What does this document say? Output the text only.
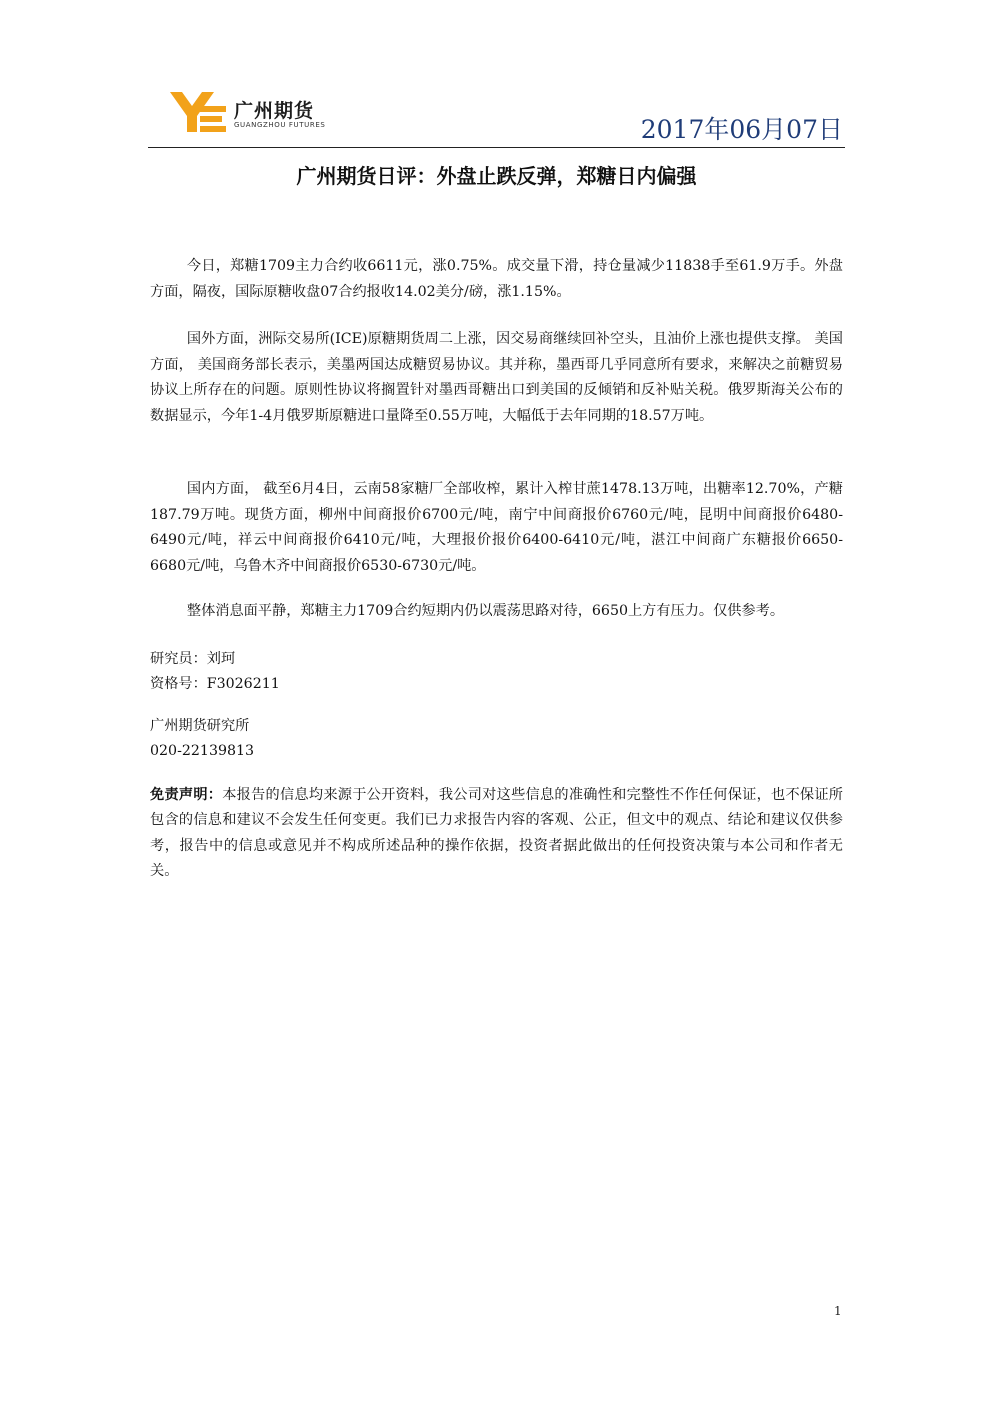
广州期货
GUANGZHOU FUTURES	2017年06月07日
广州期货日评：外盘止跌反弹，郑糖日内偏强

今日，郑糖1709主力合约收6611元，涨0.75%。成交量下滑，持仓量减少11838手至61.9万手。外盘方面，隔夜，国际原糖收盘07合约报收14.02美分/磅，涨1.15%。

国外方面，洲际交易所(ICE)原糖期货周二上涨，因交易商继续回补空头，且油价上涨也提供支撑。 美国方面， 美国商务部长表示，美墨两国达成糖贸易协议。其并称，墨西哥几乎同意所有要求，来解决之前糖贸易协议上所存在的问题。原则性协议将搁置针对墨西哥糖出口到美国的反倾销和反补贴关税。俄罗斯海关公布的数据显示，今年1-4月俄罗斯原糖进口量降至0.55万吨，大幅低于去年同期的18.57万吨。

国内方面， 截至6月4日，云南58家糖厂全部收榨，累计入榨甘蔗1478.13万吨，出糖率12.70%，产糖187.79万吨。现货方面，柳州中间商报价6700元/吨，南宁中间商报价6760元/吨，昆明中间商报价6480-6490元/吨，祥云中间商报价6410元/吨，大理报价报价6400-6410元/吨，湛江中间商广东糖报价6650-6680元/吨，乌鲁木齐中间商报价6530-6730元/吨。

整体消息面平静，郑糖主力1709合约短期内仍以震荡思路对待，6650上方有压力。仅供参考。

研究员：刘珂
资格号：F3026211
广州期货研究所
020-22139813

免责声明：本报告的信息均来源于公开资料，我公司对这些信息的准确性和完整性不作任何保证，也不保证所包含的信息和建议不会发生任何变更。我们已力求报告内容的客观、公正，但文中的观点、结论和建议仅供参考，报告中的信息或意见并不构成所述品种的操作依据，投资者据此做出的任何投资决策与本公司和作者无关。

1
